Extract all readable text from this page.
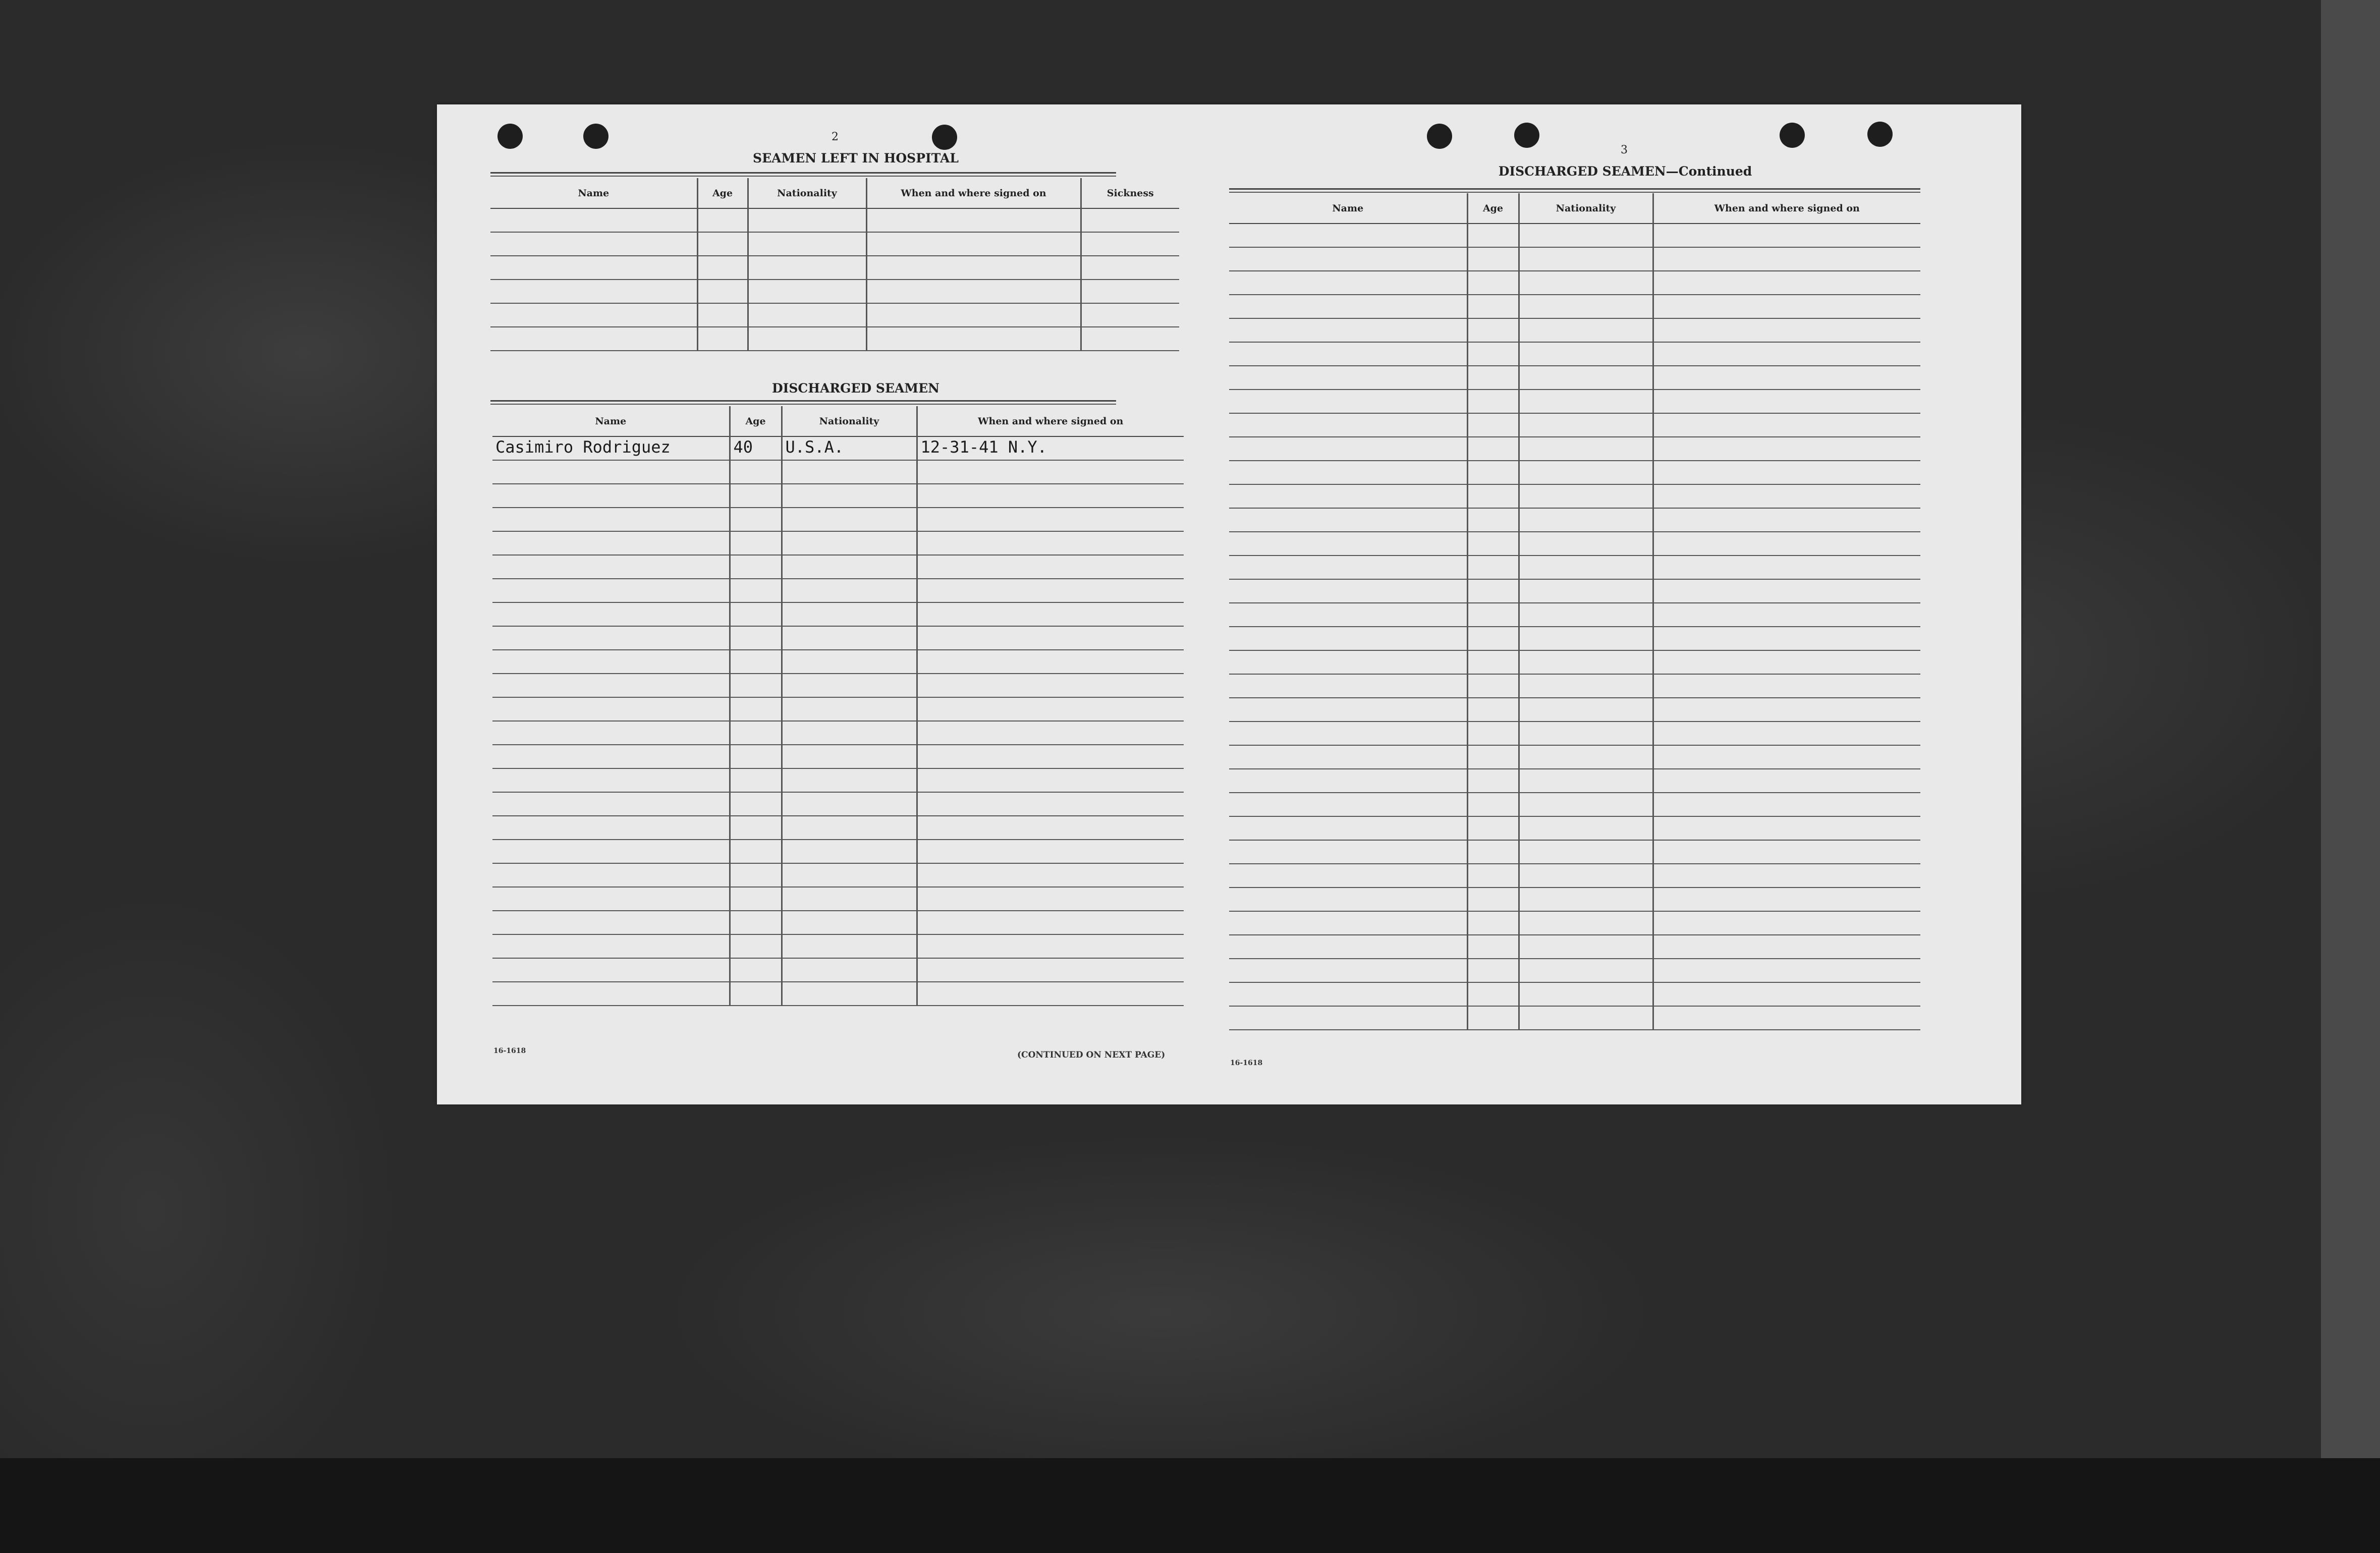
2
SEAMEN LEFT IN HOSPITAL
Name	Age	Nationality	When and where signed on	Sickness

DISCHARGED SEAMEN
Name	Age	Nationality	When and where signed on
Casimiro Rodriguez	40	U.S.A.	12-31-41 N.Y.

16-1618	(CONTINUED ON NEXT PAGE)
3
DISCHARGED SEAMEN—Continued
Name	Age	Nationality	When and where signed on

16-1618
